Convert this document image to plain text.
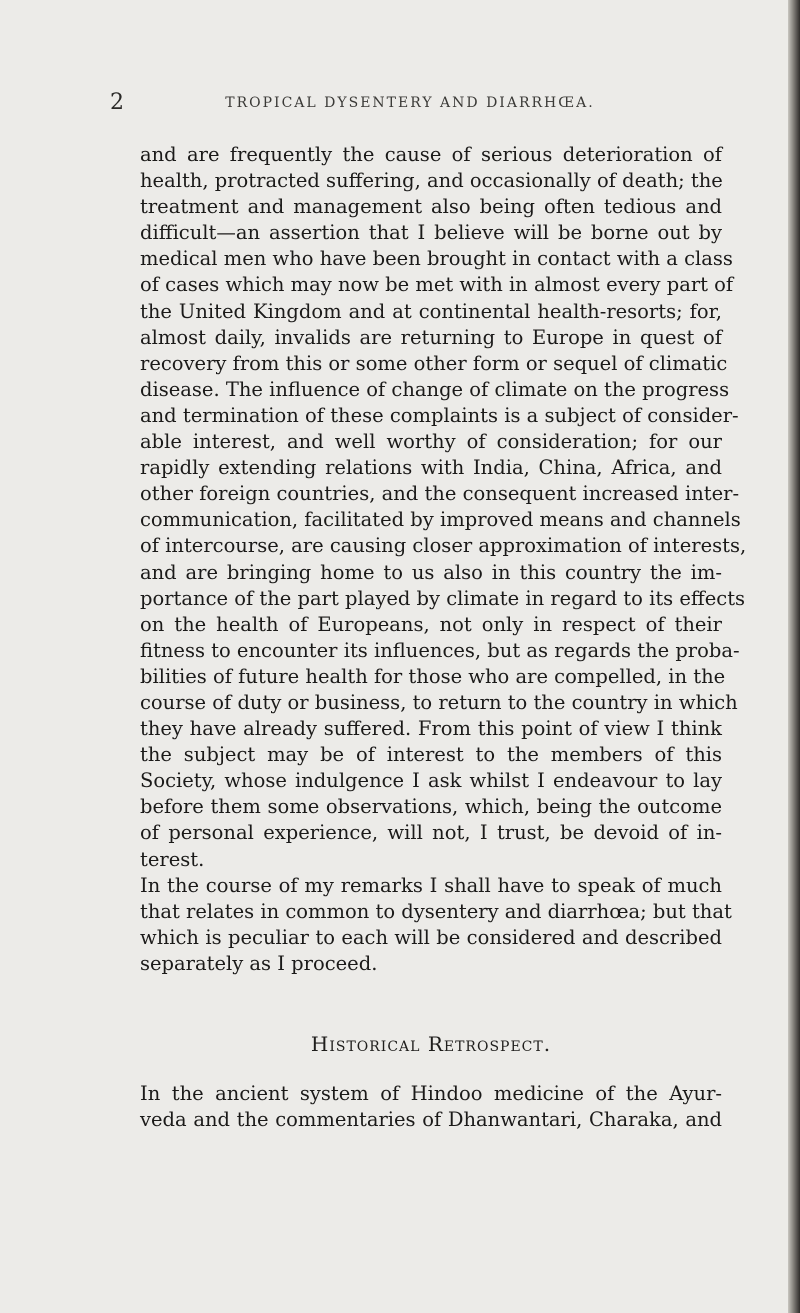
2	TROPICAL DYSENTERY AND DIARRHŒA.
and are frequently the cause of serious deterioration of
health, protracted suffering, and occasionally of death; the
treatment and management also being often tedious and
difficult—an assertion that I believe will be borne out by
medical men who have been brought in contact with a class
of cases which may now be met with in almost every part of
the United Kingdom and at continental health-resorts; for,
almost daily, invalids are returning to Europe in quest of
recovery from this or some other form or sequel of climatic
disease. The influence of change of climate on the progress
and termination of these complaints is a subject of consider-
able interest, and well worthy of consideration; for our
rapidly extending relations with India, China, Africa, and
other foreign countries, and the consequent increased inter-
communication, facilitated by improved means and channels
of intercourse, are causing closer approximation of interests,
and are bringing home to us also in this country the im-
portance of the part played by climate in regard to its effects
on the health of Europeans, not only in respect of their
fitness to encounter its influences, but as regards the proba-
bilities of future health for those who are compelled, in the
course of duty or business, to return to the country in which
they have already suffered. From this point of view I think
the subject may be of interest to the members of this
Society, whose indulgence I ask whilst I endeavour to lay
before them some observations, which, being the outcome
of personal experience, will not, I trust, be devoid of in-
terest.
In the course of my remarks I shall have to speak of much
that relates in common to dysentery and diarrhœa; but that
which is peculiar to each will be considered and described
separately as I proceed.
Historical Retrospect.
In the ancient system of Hindoo medicine of the Ayur-
veda and the commentaries of Dhanwantari, Charaka, and
